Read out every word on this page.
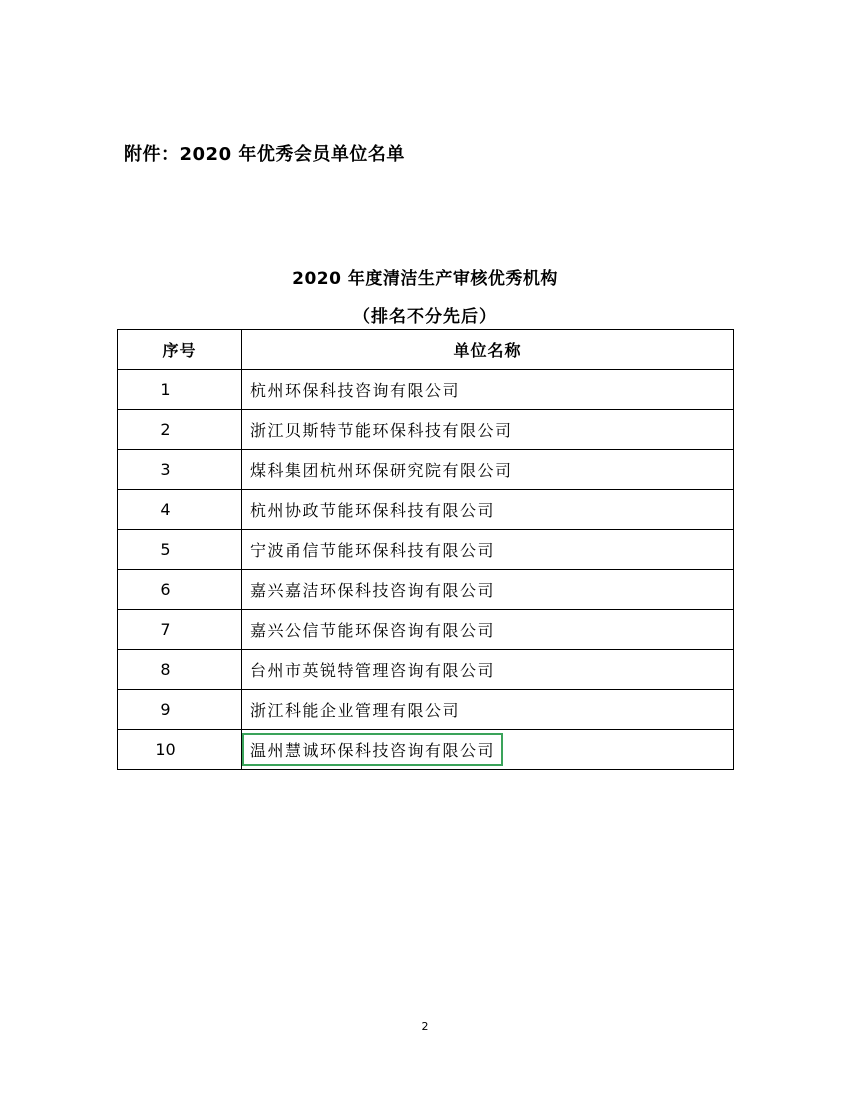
附件：2020 年优秀会员单位名单
2020 年度清洁生产审核优秀机构
（排名不分先后）
序号	单位名称
1	杭州环保科技咨询有限公司
2	浙江贝斯特节能环保科技有限公司
3	煤科集团杭州环保研究院有限公司
4	杭州协政节能环保科技有限公司
5	宁波甬信节能环保科技有限公司
6	嘉兴嘉洁环保科技咨询有限公司
7	嘉兴公信节能环保咨询有限公司
8	台州市英锐特管理咨询有限公司
9	浙江科能企业管理有限公司
10	温州慧诚环保科技咨询有限公司
2
